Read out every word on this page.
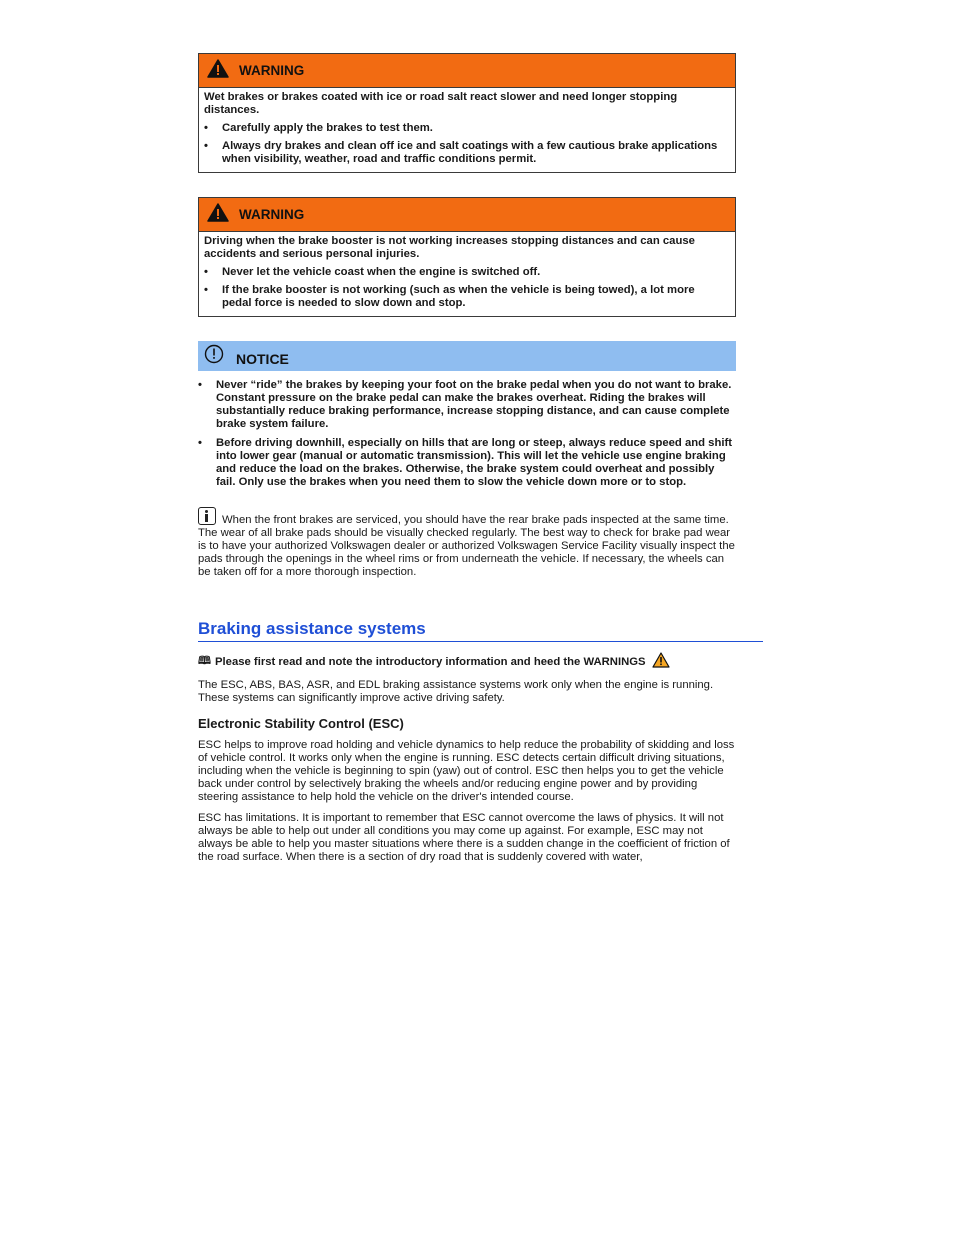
WARNING

Wet brakes or brakes coated with ice or road salt react slower and need longer stopping distances.

•	Carefully apply the brakes to test them.
•	Always dry brakes and clean off ice and salt coatings with a few cautious brake applications when visibility, weather, road and traffic conditions permit.
WARNING

Driving when the brake booster is not working increases stopping distances and can cause accidents and serious personal injuries.

•	Never let the vehicle coast when the engine is switched off.
•	If the brake booster is not working (such as when the vehicle is being towed), a lot more pedal force is needed to slow down and stop.
NOTICE
•	Never “ride” the brakes by keeping your foot on the brake pedal when you do not want to brake. Constant pressure on the brake pedal can make the brakes overheat. Riding the brakes will substantially reduce braking performance, increase stopping distance, and can cause complete brake system failure.
•	Before driving downhill, especially on hills that are long or steep, always reduce speed and shift into lower gear (manual or automatic transmission). This will let the vehicle use engine braking and reduce the load on the brakes. Otherwise, the brake system could overheat and possibly fail. Only use the brakes when you need them to slow the vehicle down more or to stop.
When the front brakes are serviced, you should have the rear brake pads inspected at the same time. The wear of all brake pads should be visually checked regularly. The best way to check for brake pad wear is to have your authorized Volkswagen dealer or authorized Volkswagen Service Facility visually inspect the pads through the openings in the wheel rims or from underneath the vehicle. If necessary, the wheels can be taken off for a more thorough inspection.
Braking assistance systems
🕮 Please first read and note the introductory information and heed the WARNINGS

The ESC, ABS, BAS, ASR, and EDL braking assistance systems work only when the engine is running. These systems can significantly improve active driving safety.

Electronic Stability Control (ESC)

ESC helps to improve road holding and vehicle dynamics to help reduce the probability of skidding and loss of vehicle control. It works only when the engine is running. ESC detects certain difficult driving situations, including when the vehicle is beginning to spin (yaw) out of control. ESC then helps you to get the vehicle back under control by selectively braking the wheels and/or reducing engine power and by providing steering assistance to help hold the vehicle on the driver's intended course.

ESC has limitations. It is important to remember that ESC cannot overcome the laws of physics. It will not always be able to help out under all conditions you may come up against. For example, ESC may not always be able to help you master situations where there is a sudden change in the coefficient of friction of the road surface. When there is a section of dry road that is suddenly covered with water,
